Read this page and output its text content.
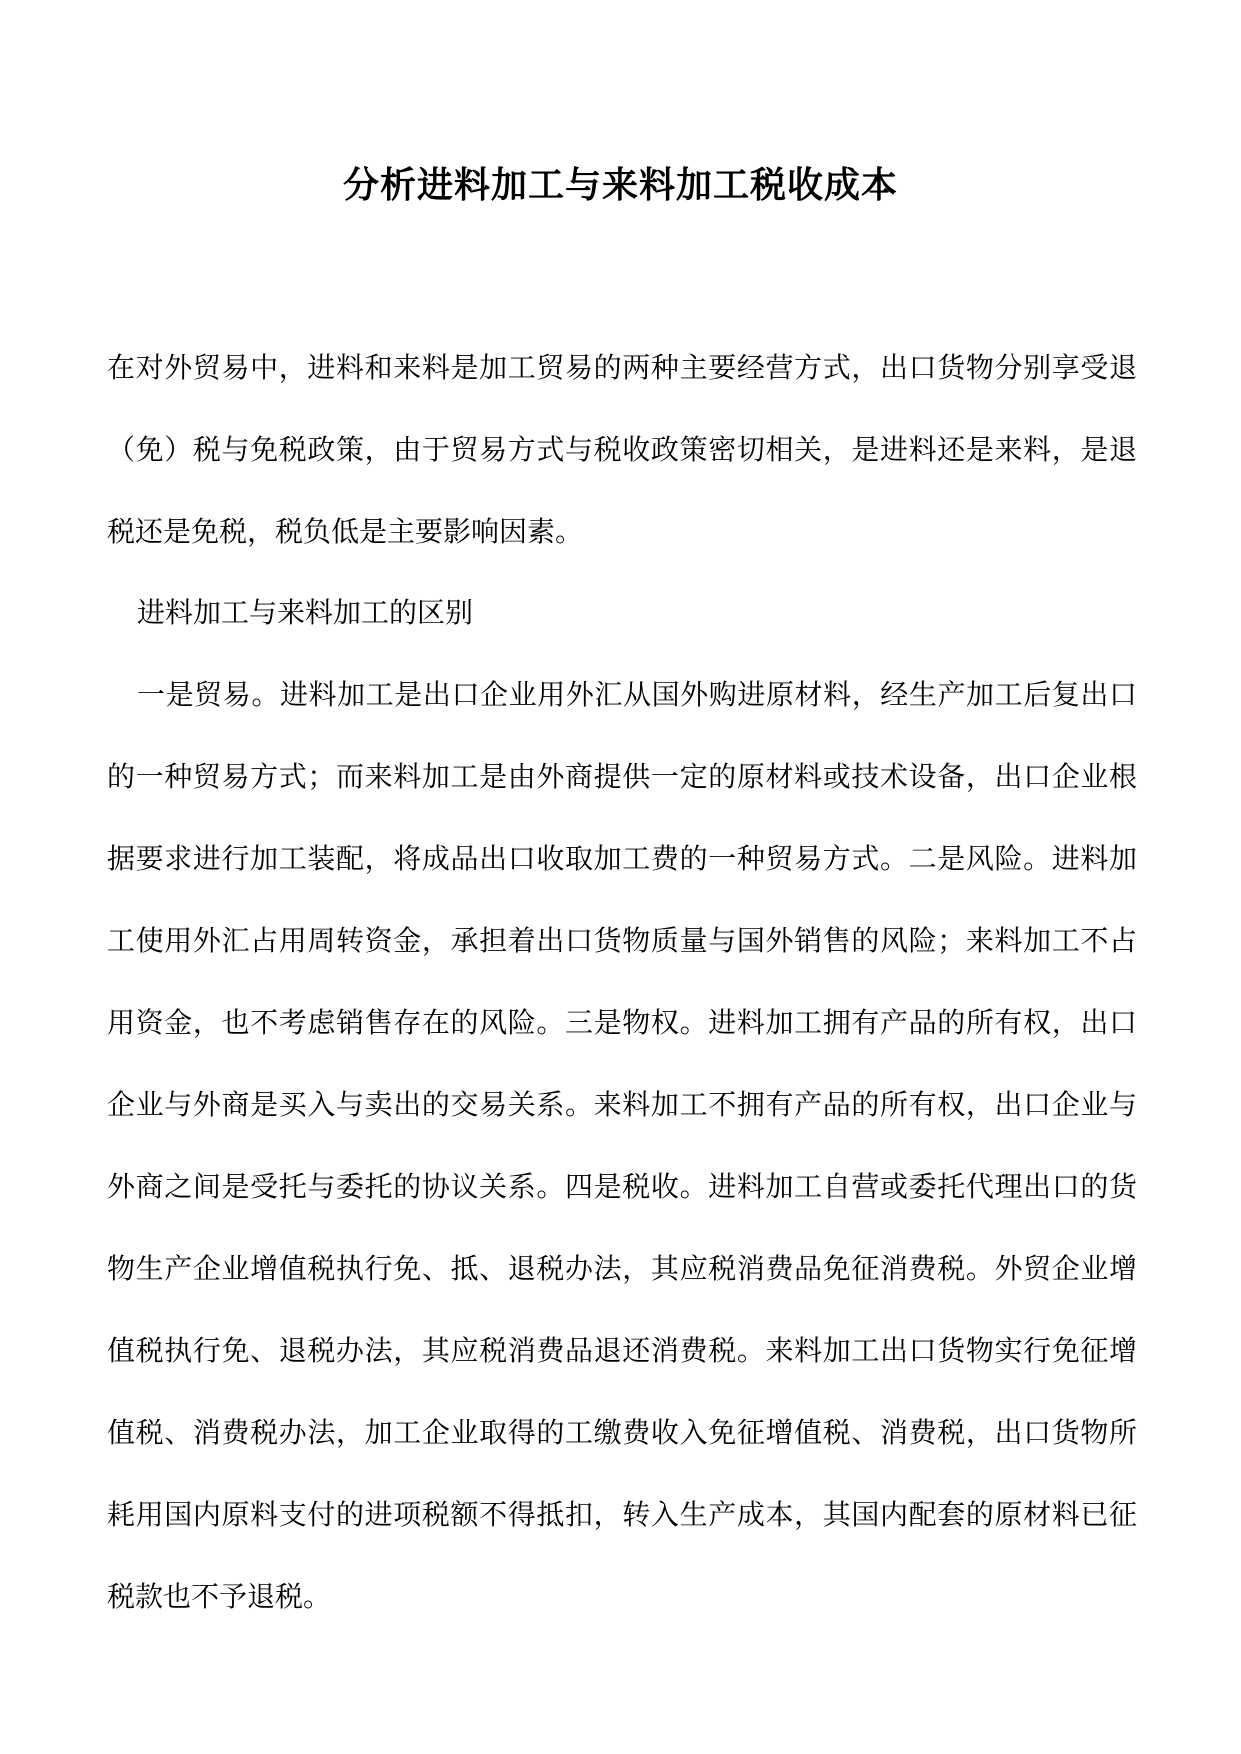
分析进料加工与来料加工税收成本

在对外贸易中，进料和来料是加工贸易的两种主要经营方式，出口货物分别享受退（免）税与免税政策，由于贸易方式与税收政策密切相关，是进料还是来料，是退税还是免税，税负低是主要影响因素。

进料加工与来料加工的区别

一是贸易。进料加工是出口企业用外汇从国外购进原材料，经生产加工后复出口的一种贸易方式；而来料加工是由外商提供一定的原材料或技术设备，出口企业根据要求进行加工装配，将成品出口收取加工费的一种贸易方式。二是风险。进料加工使用外汇占用周转资金，承担着出口货物质量与国外销售的风险；来料加工不占用资金，也不考虑销售存在的风险。三是物权。进料加工拥有产品的所有权，出口企业与外商是买入与卖出的交易关系。来料加工不拥有产品的所有权，出口企业与外商之间是受托与委托的协议关系。四是税收。进料加工自营或委托代理出口的货物生产企业增值税执行免、抵、退税办法，其应税消费品免征消费税。外贸企业增值税执行免、退税办法，其应税消费品退还消费税。来料加工出口货物实行免征增值税、消费税办法，加工企业取得的工缴费收入免征增值税、消费税，出口货物所耗用国内原料支付的进项税额不得抵扣，转入生产成本，其国内配套的原材料已征税款也不予退税。
